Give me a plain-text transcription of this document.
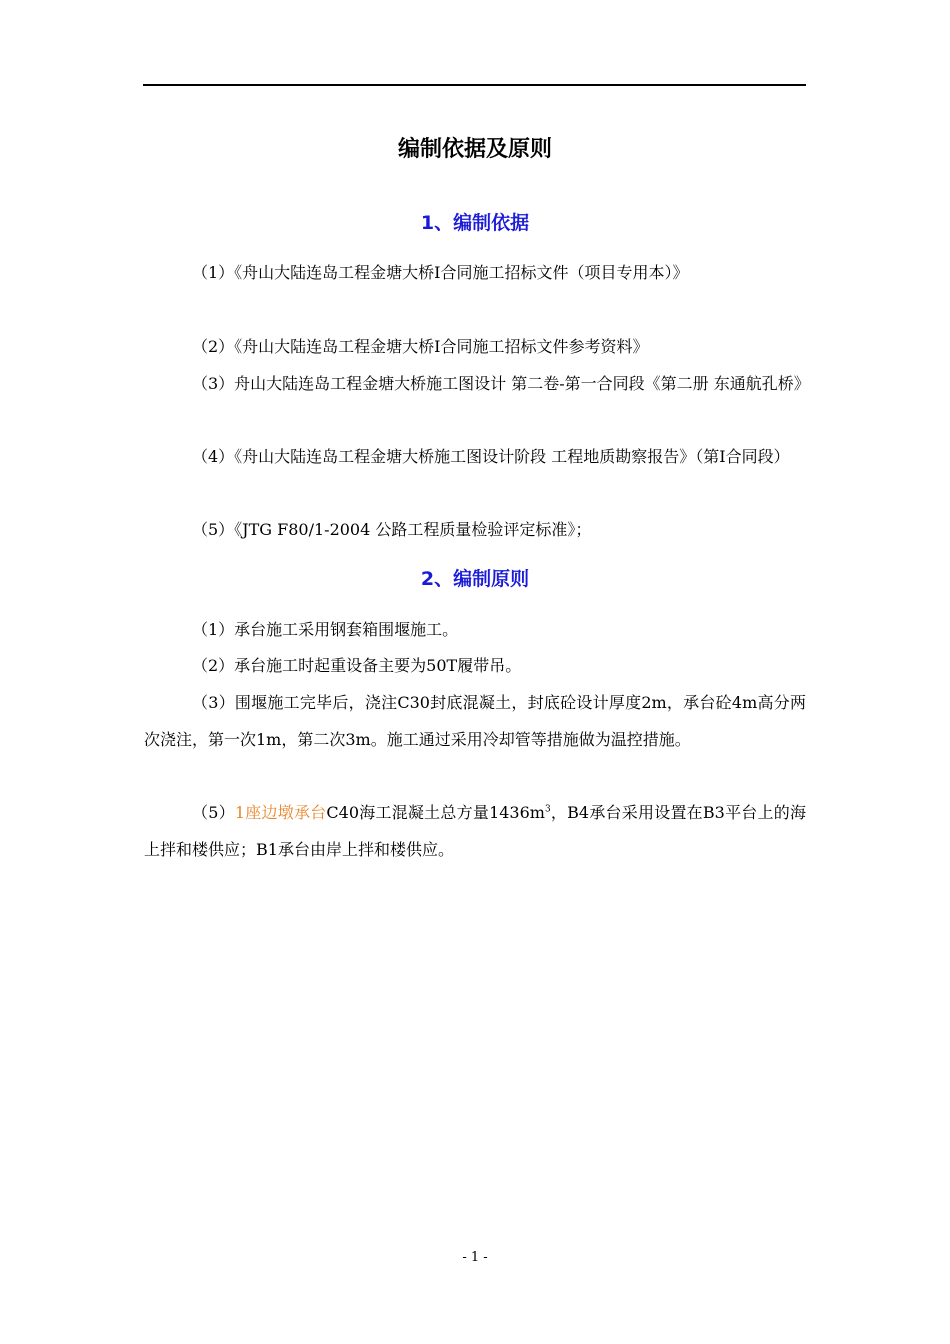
编制依据及原则
1、编制依据
（1）《舟山大陆连岛工程金塘大桥Ⅰ合同施工招标文件（项目专用本）》
（2）《舟山大陆连岛工程金塘大桥Ⅰ合同施工招标文件参考资料》
（3）舟山大陆连岛工程金塘大桥施工图设计 第二卷-第一合同段《第二册 东通航孔桥》
（4）《舟山大陆连岛工程金塘大桥施工图设计阶段 工程地质勘察报告》（第Ⅰ合同段）
（5）《JTG F80/1-2004 公路工程质量检验评定标准》；
2、编制原则
（1）承台施工采用钢套箱围堰施工。
（2）承台施工时起重设备主要为50T履带吊。
（3）围堰施工完毕后，浇注C30封底混凝土，封底砼设计厚度2m，承台砼4m高分两次浇注，第一次1m，第二次3m。施工通过采用冷却管等措施做为温控措施。
（5）1座边墩承台C40海工混凝土总方量$1436m^3$，B4承台采用设置在B3平台上的海上拌和楼供应；B1承台由岸上拌和楼供应。
- 1 -
